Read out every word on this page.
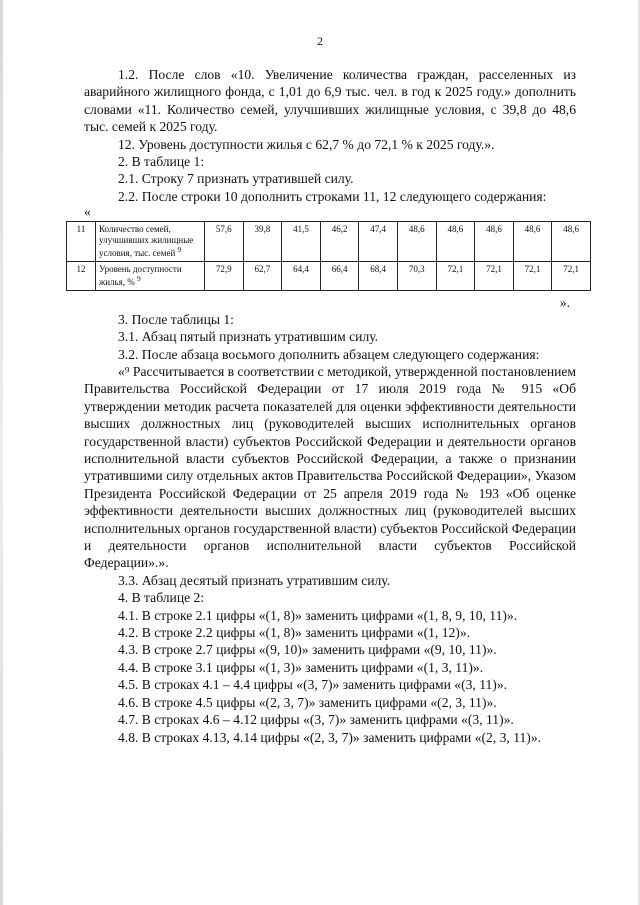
2

1.2. После слов «10. Увеличение количества граждан, расселенных из аварийного жилищного фонда, с 1,01 до 6,9 тыс. чел. в год к 2025 году.» дополнить словами «11. Количество семей, улучшивших жилищные условия, с 39,8 до 48,6 тыс. семей к 2025 году.

12. Уровень доступности жилья с 62,7 % до 72,1 % к 2025 году.».

2. В таблице 1:

2.1. Строку 7 признать утратившей силу.

2.2. После строки 10 дополнить строками 11, 12 следующего содержания:

«

11	Количество семей, улучшивших жилищные условия, тыс. семей $^9$	57,6	39,8	41,5	46,2	47,4	48,6	48,6	48,6	48,6	48,6
12	Уровень доступности жилья, % $^9$	72,9	62,7	64,4	66,4	68,4	70,3	72,1	72,1	72,1	72,1

».

3. После таблицы 1:

3.1. Абзац пятый признать утратившим силу.

3.2. После абзаца восьмого дополнить абзацем следующего содержания:

«⁹ Рассчитывается в соответствии с методикой, утвержденной постановлением Правительства Российской Федерации от 17 июля 2019 года № 915 «Об утверждении методик расчета показателей для оценки эффективности деятельности высших должностных лиц (руководителей высших исполнительных органов государственной власти) субъектов Российской Федерации и деятельности органов исполнительной власти субъектов Российской Федерации, а также о признании утратившими силу отдельных актов Правительства Российской Федерации», Указом Президента Российской Федерации от 25 апреля 2019 года № 193 «Об оценке эффективности деятельности высших должностных лиц (руководителей высших исполнительных органов государственной власти) субъектов Российской Федерации и деятельности органов исполнительной власти субъектов Российской Федерации».».

3.3. Абзац десятый признать утратившим силу.

4. В таблице 2:

4.1. В строке 2.1 цифры «(1, 8)» заменить цифрами «(1, 8, 9, 10, 11)».

4.2. В строке 2.2 цифры «(1, 8)» заменить цифрами «(1, 12)».

4.3. В строке 2.7 цифры «(9, 10)» заменить цифрами «(9, 10, 11)».

4.4. В строке 3.1 цифры «(1, 3)» заменить цифрами «(1, 3, 11)».

4.5. В строках 4.1 – 4.4 цифры «(3, 7)» заменить цифрами «(3, 11)».

4.6. В строке 4.5 цифры «(2, 3, 7)» заменить цифрами «(2, 3, 11)».

4.7. В строках 4.6 – 4.12 цифры «(3, 7)» заменить цифрами «(3, 11)».

4.8. В строках 4.13, 4.14 цифры «(2, 3, 7)» заменить цифрами «(2, 3, 11)».
